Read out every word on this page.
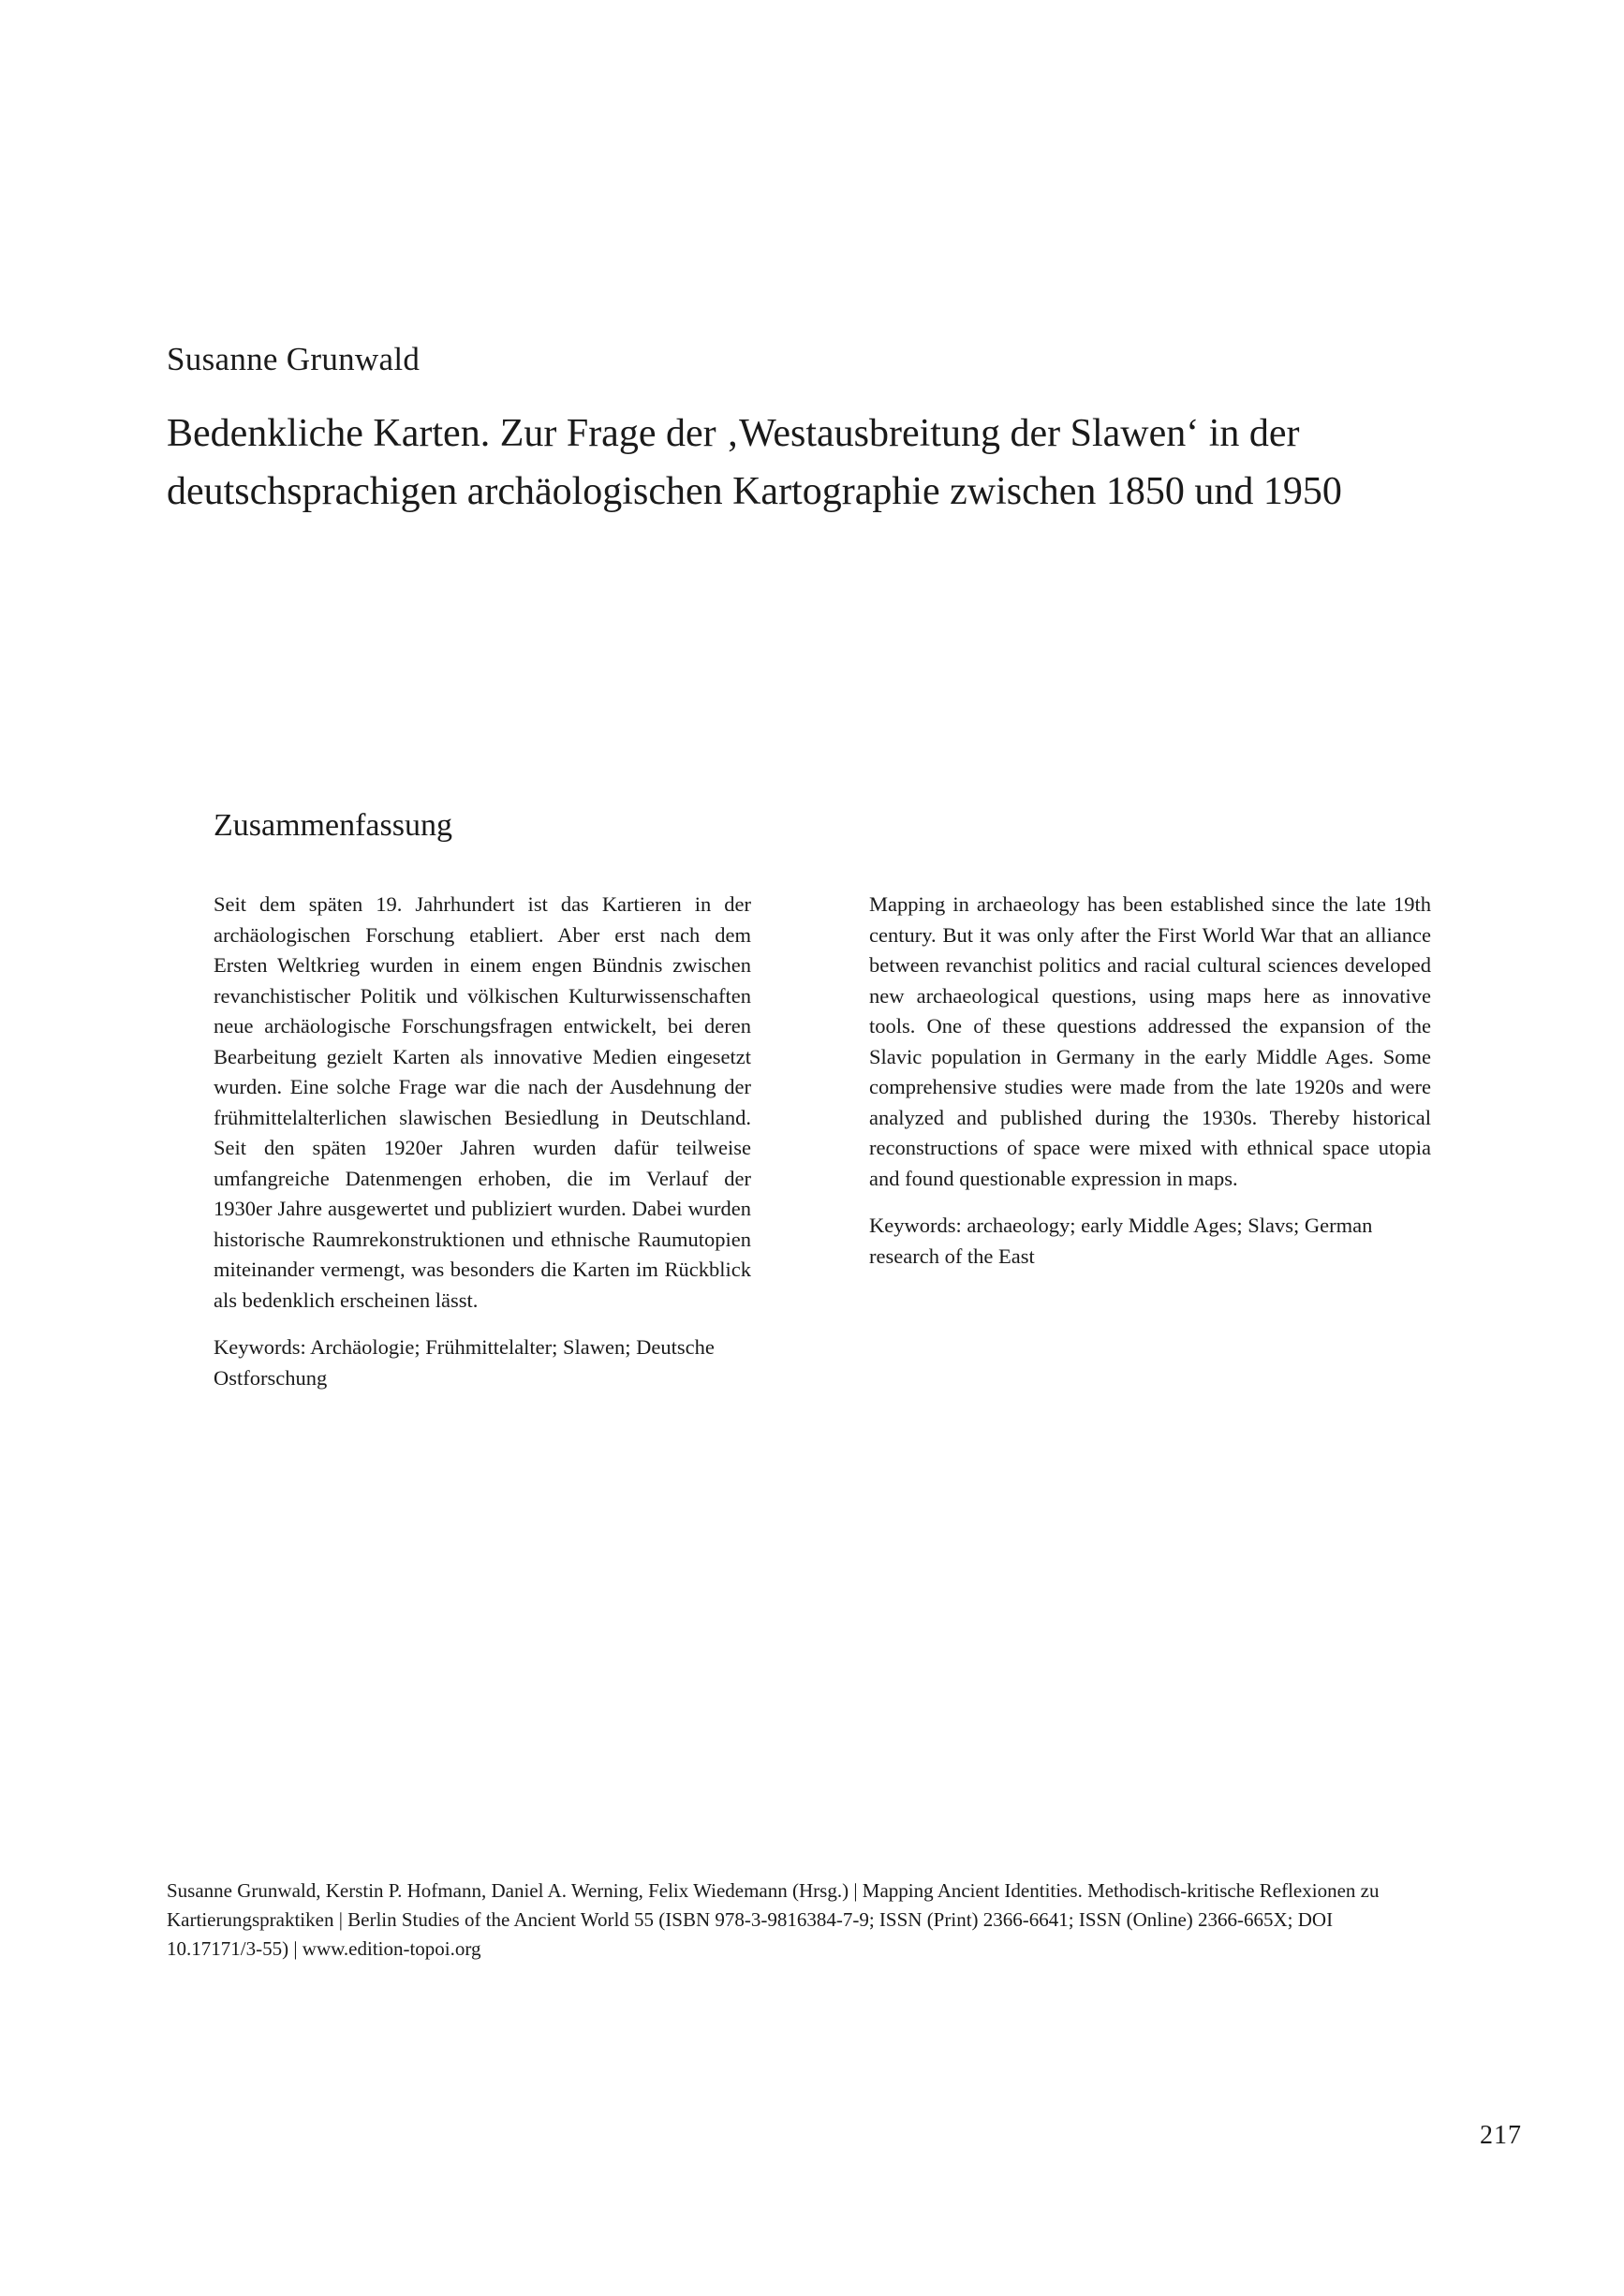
Susanne Grunwald
Bedenkliche Karten. Zur Frage der ‚Westausbreitung der Slawen‘ in der deutschsprachigen archäologischen Kartographie zwischen 1850 und 1950
Zusammenfassung

Seit dem späten 19. Jahrhundert ist das Kartieren in der archäologischen Forschung etabliert. Aber erst nach dem Ersten Weltkrieg wurden in einem engen Bündnis zwischen revanchistischer Politik und völkischen Kulturwissenschaften neue archäologische Forschungsfragen entwickelt, bei deren Bearbeitung gezielt Karten als innovative Medien eingesetzt wurden. Eine solche Frage war die nach der Ausdehnung der frühmittelalterlichen slawischen Besiedlung in Deutschland. Seit den späten 1920er Jahren wurden dafür teilweise umfangreiche Datenmengen erhoben, die im Verlauf der 1930er Jahre ausgewertet und publiziert wurden. Dabei wurden historische Raumrekonstruktionen und ethnische Raumutopien miteinander vermengt, was besonders die Karten im Rückblick als bedenklich erscheinen lässt.

Keywords: Archäologie; Frühmittelalter; Slawen; Deutsche Ostforschung

Mapping in archaeology has been established since the late 19th century. But it was only after the First World War that an alliance between revanchist politics and racial cultural sciences developed new archaeological questions, using maps here as innovative tools. One of these questions addressed the expansion of the Slavic population in Germany in the early Middle Ages. Some comprehensive studies were made from the late 1920s and were analyzed and published during the 1930s. Thereby historical reconstructions of space were mixed with ethnical space utopia and found questionable expression in maps.

Keywords: archaeology; early Middle Ages; Slavs; German research of the East

Susanne Grunwald, Kerstin P. Hofmann, Daniel A. Werning, Felix Wiedemann (Hrsg.) | Mapping Ancient Identities. Methodisch-kritische Reflexionen zu Kartierungspraktiken | Berlin Studies of the Ancient World 55 (ISBN 978-3-9816384-7-9; ISSN (Print) 2366-6641; ISSN (Online) 2366-665X; DOI 10.17171/3-55) | www.edition-topoi.org
217
